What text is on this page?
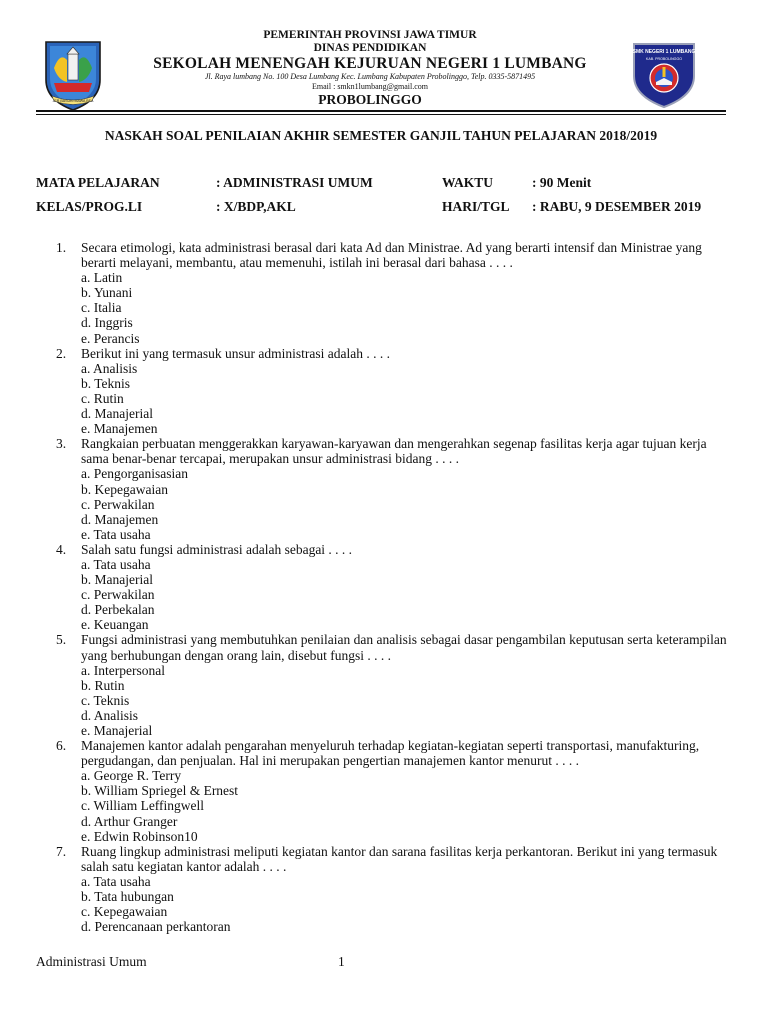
JER BASUKI MAWA BEA
SMK NEGERI 1 LUMBANG
KAB. PROBOLINGGO
PEMERINTAH PROVINSI JAWA TIMUR
DINAS PENDIDIKAN
SEKOLAH MENENGAH KEJURUAN NEGERI 1 LUMBANG
Jl. Raya lumbang No. 100 Desa Lumbang Kec. Lumbang Kabupaten Probolinggo, Telp. 0335-5871495
Email : smkn1lumbang@gmail.com
PROBOLINGGO
NASKAH SOAL PENILAIAN AKHIR SEMESTER GANJIL TAHUN PELAJARAN 2018/2019
MATA PELAJARAN	: ADMINISTRASI UMUM	WAKTU	: 90 Menit
KELAS/PROG.LI	: X/BDP,AKL	HARI/TGL : RABU, 9 DESEMBER 2019
1. Secara etimologi, kata administrasi berasal dari kata Ad dan Ministrae. Ad yang berarti intensif dan Ministrae yang berarti melayani, membantu, atau memenuhi, istilah ini berasal dari bahasa . . . .
a. Latin
b. Yunani
c. Italia
d. Inggris
e. Perancis
2. Berikut ini yang termasuk unsur administrasi adalah . . . .
a. Analisis
b. Teknis
c. Rutin
d. Manajerial
e. Manajemen
3. Rangkaian perbuatan menggerakkan karyawan-karyawan dan mengerahkan segenap fasilitas kerja agar tujuan kerja sama benar-benar tercapai, merupakan unsur administrasi bidang . . . .
a. Pengorganisasian
b. Kepegawaian
c. Perwakilan
d. Manajemen
e. Tata usaha
4. Salah satu fungsi administrasi adalah sebagai . . . .
a. Tata usaha
b. Manajerial
c. Perwakilan
d. Perbekalan
e. Keuangan
5. Fungsi administrasi yang membutuhkan penilaian dan analisis sebagai dasar pengambilan keputusan serta keterampilan yang berhubungan dengan orang lain, disebut fungsi . . . .
a. Interpersonal
b. Rutin
c. Teknis
d. Analisis
e. Manajerial
6. Manajemen kantor adalah pengarahan menyeluruh terhadap kegiatan-kegiatan seperti transportasi, manufakturing, pergudangan, dan penjualan. Hal ini merupakan pengertian manajemen kantor menurut . . . .
a. George R. Terry
b. William Spriegel & Ernest
c. William Leffingwell
d. Arthur Granger
e. Edwin Robinson10
7. Ruang lingkup administrasi meliputi kegiatan kantor dan sarana fasilitas kerja perkantoran. Berikut ini yang termasuk salah satu kegiatan kantor adalah . . . .
a. Tata usaha
b. Tata hubungan
c. Kepegawaian
d. Perencanaan perkantoran
Administrasi Umum	1
